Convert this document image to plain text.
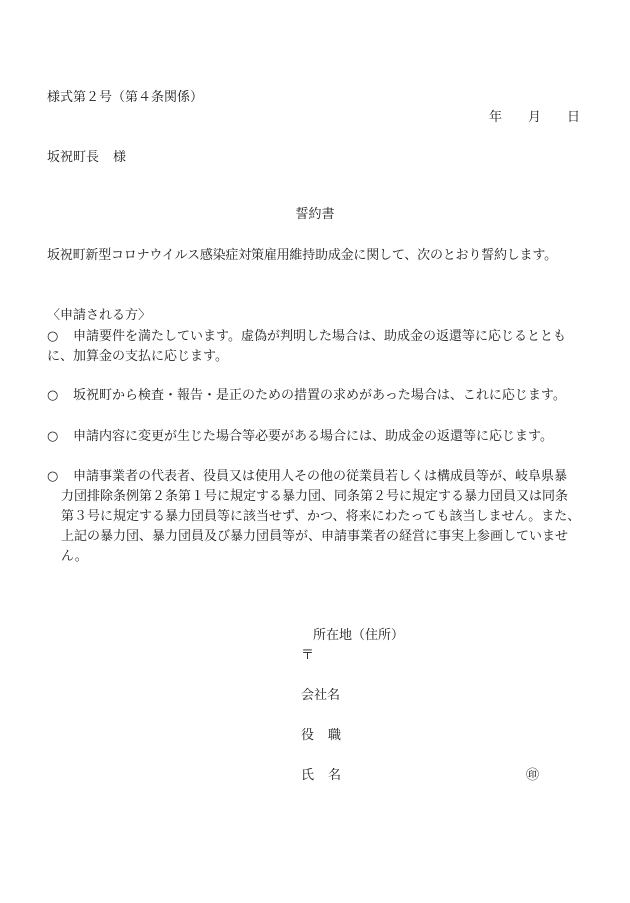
様式第２号（第４条関係）
年 月 日
坂祝町長 様
誓約書
坂祝町新型コロナウイルス感染症対策雇用維持助成金に関して、次のとおり誓約します。
〈申請される方〉
○ 申請要件を満たしています。虚偽が判明した場合は、助成金の返還等に応じるととも
に、加算金の支払に応じます。
○ 坂祝町から検査・報告・是正のための措置の求めがあった場合は、これに応じます。
○ 申請内容に変更が生じた場合等必要がある場合には、助成金の返還等に応じます。
○ 申請事業者の代表者、役員又は使用人その他の従業員若しくは構成員等が、岐阜県暴
力団排除条例第２条第１号に規定する暴力団、同条第２号に規定する暴力団員又は同条
第３号に規定する暴力団員等に該当せず、かつ、将来にわたっても該当しません。また、
上記の暴力団、暴力団員及び暴力団員等が、申請事業者の経営に事実上参画していませ
ん。
所在地（住所）
〒
会社名
役 職
氏 名	㊞
